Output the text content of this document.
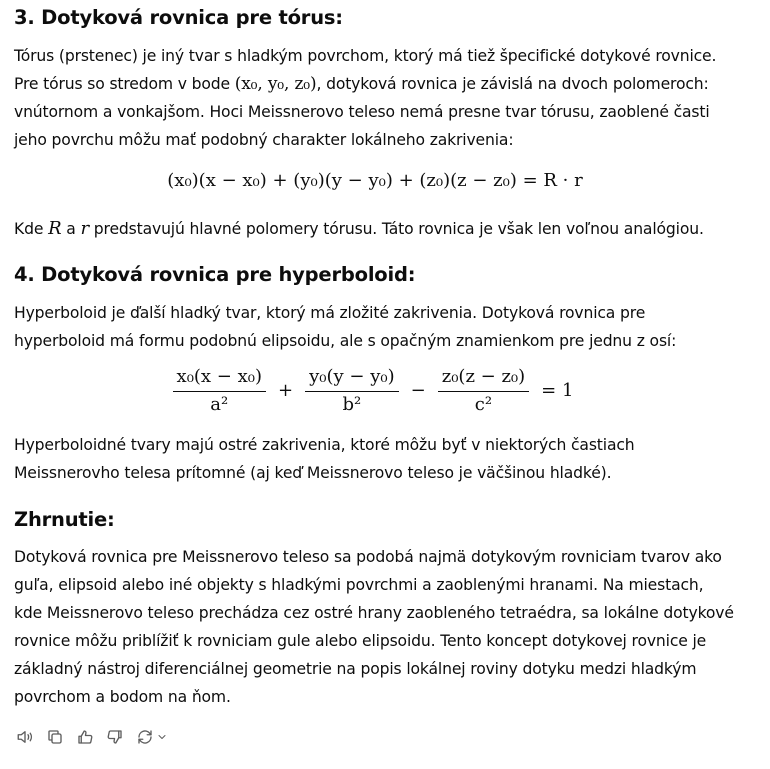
3. Dotyková rovnica pre tórus:

Tórus (prstenec) je iný tvar s hladkým povrchom, ktorý má tiež špecifické dotykové rovnice. Pre tórus so stredom v bode (x₀, y₀, z₀), dotyková rovnica je závislá na dvoch polomeroch: vnútornom a vonkajšom. Hoci Meissnerovo teleso nemá presne tvar tórusu, zaoblené časti jeho povrchu môžu mať podobný charakter lokálneho zakrivenia:

(x₀)(x − x₀) + (y₀)(y − y₀) + (z₀)(z − z₀) = R · r

Kde R a r predstavujú hlavné polomery tórusu. Táto rovnica je však len voľnou analógiou.

4. Dotyková rovnica pre hyperboloid:

Hyperboloid je ďalší hladký tvar, ktorý má zložité zakrivenia. Dotyková rovnica pre hyperboloid má formu podobnú elipsoidu, ale s opačným znamienkom pre jednu z osí:

$\frac{\text{x₀(x − x₀)}}{\text{a²}} + \frac{\text{y₀(y − y₀)}}{\text{b²}} - \frac{\text{z₀(z − z₀)}}{\text{c²}} = 1$

Hyperboloidné tvary majú ostré zakrivenia, ktoré môžu byť v niektorých častiach Meissnerovho telesa prítomné (aj keď Meissnerovo teleso je väčšinou hladké).

Zhrnutie:

Dotyková rovnica pre Meissnerovo teleso sa podobá najmä dotykovým rovniciam tvarov ako guľa, elipsoid alebo iné objekty s hladkými povrchmi a zaoblenými hranami. Na miestach, kde Meissnerovo teleso prechádza cez ostré hrany zaobleného tetraédra, sa lokálne dotykové rovnice môžu priblížiť k rovniciam gule alebo elipsoidu. Tento koncept dotykovej rovnice je základný nástroj diferenciálnej geometrie na popis lokálnej roviny dotyku medzi hladkým povrchom a bodom na ňom.
